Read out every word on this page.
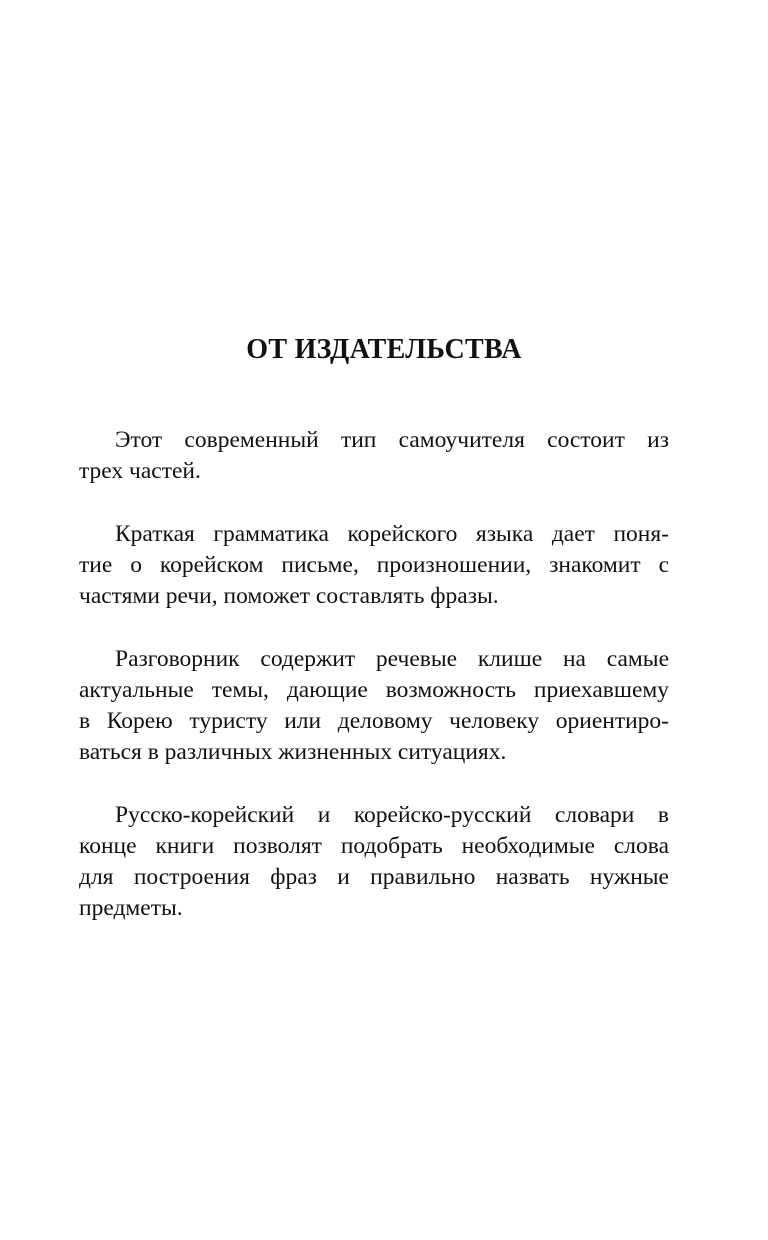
ОТ ИЗДАТЕЛЬСТВА
Этот современный тип самоучителя состоит из
трех частей.
Краткая грамматика корейского языка дает поня-
тие о корейском письме, произношении, знакомит с
частями речи, поможет составлять фразы.
Разговорник содержит речевые клише на самые
актуальные темы, дающие возможность приехавшему
в Корею туристу или деловому человеку ориентиро-
ваться в различных жизненных ситуациях.
Русско-корейский и корейско-русский словари в
конце книги позволят подобрать необходимые слова
для построения фраз и правильно назвать нужные
предметы.
